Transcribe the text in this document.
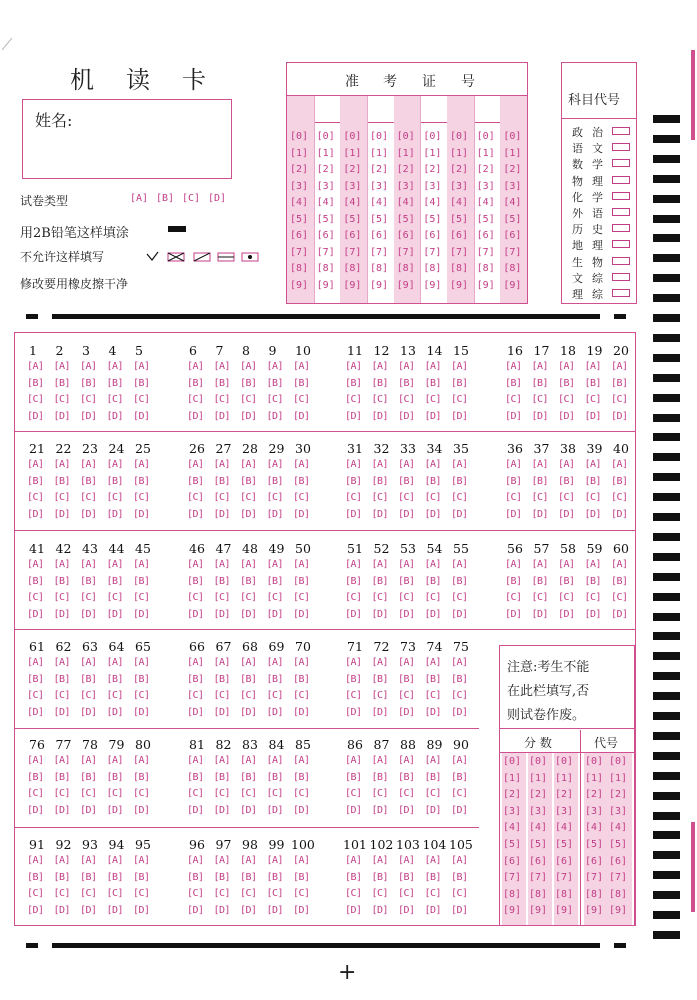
机 读 卡
姓名:
试卷类型	[A] [B] [C] [D]
用2B铅笔这样填涂
不允许这样填写
修改要用橡皮擦干净
准 考 证 号
[0]
[1]
[2]
[3]
[4]
[5]
[6]
[7]
[8]
[9]
[0]
[1]
[2]
[3]
[4]
[5]
[6]
[7]
[8]
[9]
[0]
[1]
[2]
[3]
[4]
[5]
[6]
[7]
[8]
[9]
[0]
[1]
[2]
[3]
[4]
[5]
[6]
[7]
[8]
[9]
[0]
[1]
[2]
[3]
[4]
[5]
[6]
[7]
[8]
[9]
[0]
[1]
[2]
[3]
[4]
[5]
[6]
[7]
[8]
[9]
[0]
[1]
[2]
[3]
[4]
[5]
[6]
[7]
[8]
[9]
[0]
[1]
[2]
[3]
[4]
[5]
[6]
[7]
[8]
[9]
[0]
[1]
[2]
[3]
[4]
[5]
[6]
[7]
[8]
[9]
科目代号
政 治
语 文
数 学
物 理
化 学
外 语
历 史
地 理
生 物
文 综
理 综
1
[A]
[B]
[C]
[D]
2
[A]
[B]
[C]
[D]
3
[A]
[B]
[C]
[D]
4
[A]
[B]
[C]
[D]
5
[A]
[B]
[C]
[D]
6
[A]
[B]
[C]
[D]
7
[A]
[B]
[C]
[D]
8
[A]
[B]
[C]
[D]
9
[A]
[B]
[C]
[D]
10
[A]
[B]
[C]
[D]
11
[A]
[B]
[C]
[D]
12
[A]
[B]
[C]
[D]
13
[A]
[B]
[C]
[D]
14
[A]
[B]
[C]
[D]
15
[A]
[B]
[C]
[D]
16
[A]
[B]
[C]
[D]
17
[A]
[B]
[C]
[D]
18
[A]
[B]
[C]
[D]
19
[A]
[B]
[C]
[D]
20
[A]
[B]
[C]
[D]
21
[A]
[B]
[C]
[D]
22
[A]
[B]
[C]
[D]
23
[A]
[B]
[C]
[D]
24
[A]
[B]
[C]
[D]
25
[A]
[B]
[C]
[D]
26
[A]
[B]
[C]
[D]
27
[A]
[B]
[C]
[D]
28
[A]
[B]
[C]
[D]
29
[A]
[B]
[C]
[D]
30
[A]
[B]
[C]
[D]
31
[A]
[B]
[C]
[D]
32
[A]
[B]
[C]
[D]
33
[A]
[B]
[C]
[D]
34
[A]
[B]
[C]
[D]
35
[A]
[B]
[C]
[D]
36
[A]
[B]
[C]
[D]
37
[A]
[B]
[C]
[D]
38
[A]
[B]
[C]
[D]
39
[A]
[B]
[C]
[D]
40
[A]
[B]
[C]
[D]
41
[A]
[B]
[C]
[D]
42
[A]
[B]
[C]
[D]
43
[A]
[B]
[C]
[D]
44
[A]
[B]
[C]
[D]
45
[A]
[B]
[C]
[D]
46
[A]
[B]
[C]
[D]
47
[A]
[B]
[C]
[D]
48
[A]
[B]
[C]
[D]
49
[A]
[B]
[C]
[D]
50
[A]
[B]
[C]
[D]
51
[A]
[B]
[C]
[D]
52
[A]
[B]
[C]
[D]
53
[A]
[B]
[C]
[D]
54
[A]
[B]
[C]
[D]
55
[A]
[B]
[C]
[D]
56
[A]
[B]
[C]
[D]
57
[A]
[B]
[C]
[D]
58
[A]
[B]
[C]
[D]
59
[A]
[B]
[C]
[D]
60
[A]
[B]
[C]
[D]
61
[A]
[B]
[C]
[D]
62
[A]
[B]
[C]
[D]
63
[A]
[B]
[C]
[D]
64
[A]
[B]
[C]
[D]
65
[A]
[B]
[C]
[D]
66
[A]
[B]
[C]
[D]
67
[A]
[B]
[C]
[D]
68
[A]
[B]
[C]
[D]
69
[A]
[B]
[C]
[D]
70
[A]
[B]
[C]
[D]
71
[A]
[B]
[C]
[D]
72
[A]
[B]
[C]
[D]
73
[A]
[B]
[C]
[D]
74
[A]
[B]
[C]
[D]
75
[A]
[B]
[C]
[D]
76
[A]
[B]
[C]
[D]
77
[A]
[B]
[C]
[D]
78
[A]
[B]
[C]
[D]
79
[A]
[B]
[C]
[D]
80
[A]
[B]
[C]
[D]
81
[A]
[B]
[C]
[D]
82
[A]
[B]
[C]
[D]
83
[A]
[B]
[C]
[D]
84
[A]
[B]
[C]
[D]
85
[A]
[B]
[C]
[D]
86
[A]
[B]
[C]
[D]
87
[A]
[B]
[C]
[D]
88
[A]
[B]
[C]
[D]
89
[A]
[B]
[C]
[D]
90
[A]
[B]
[C]
[D]
91
[A]
[B]
[C]
[D]
92
[A]
[B]
[C]
[D]
93
[A]
[B]
[C]
[D]
94
[A]
[B]
[C]
[D]
95
[A]
[B]
[C]
[D]
96
[A]
[B]
[C]
[D]
97
[A]
[B]
[C]
[D]
98
[A]
[B]
[C]
[D]
99
[A]
[B]
[C]
[D]
100
[A]
[B]
[C]
[D]
101
[A]
[B]
[C]
[D]
102
[A]
[B]
[C]
[D]
103
[A]
[B]
[C]
[D]
104
[A]
[B]
[C]
[D]
105
[A]
[B]
[C]
[D]
注意:考生不能
在此栏填写,否
则试卷作废。
分 数	代号
[0]
[1]
[2]
[3]
[4]
[5]
[6]
[7]
[8]
[9]
[0]
[1]
[2]
[3]
[4]
[5]
[6]
[7]
[8]
[9]
[0]
[1]
[2]
[3]
[4]
[5]
[6]
[7]
[8]
[9]
[0]
[1]
[2]
[3]
[4]
[5]
[6]
[7]
[8]
[9]
[0]
[1]
[2]
[3]
[4]
[5]
[6]
[7]
[8]
[9]
+
